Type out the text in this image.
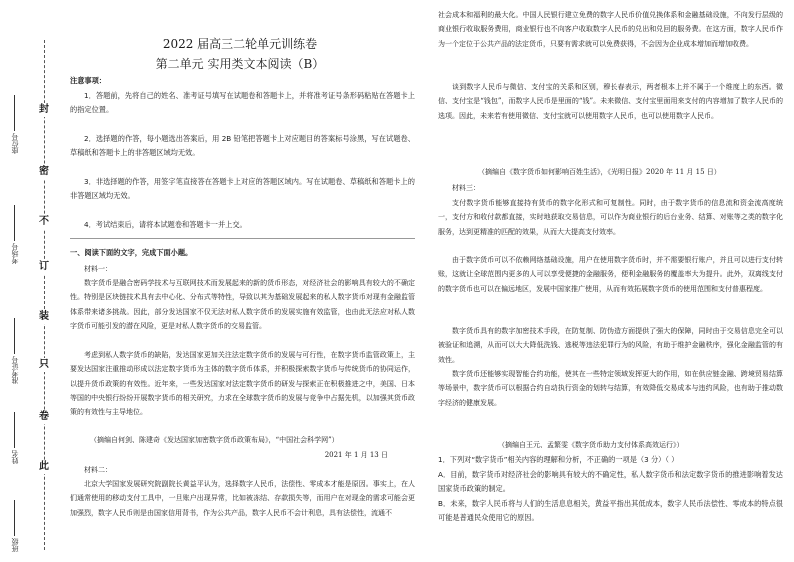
封
密
不
订
装
只
卷
此
座位号
考场号
准考证号
姓名
班级
2022 届高三二轮单元训练卷
第二单元 实用类文本阅读（B）
注意事项：
1．答题前，先将自己的姓名、准考证号填写在试题卷和答题卡上，并将准考证号条形码粘贴在答题卡上的指定位置。
2．选择题的作答，每小题选出答案后，用 2B 铅笔把答题卡上对应题目的答案标号涂黑，写在试题卷、草稿纸和答题卡上的非答题区域均无效。
3．非选择题的作答，用签字笔直接答在答题卡上对应的答题区域内。写在试题卷、草稿纸和答题卡上的非答题区域均无效。
4．考试结束后，请将本试题卷和答题卡一并上交。
一、阅读下面的文字，完成下面小题。
材料一：
数字货币是融合密码学技术与互联网技术而发展起来的新的货币形态，对经济社会的影响具有较大的不确定性。特别是区块链技术具有去中心化、分布式等特性，导致以其为基础发展起来的私人数字货币对现有金融监管体系带来诸多挑战。因此，部分发达国家不仅无法对私人数字货币的发展实施有效监管，也由此无法应对私人数字货币可能引发的潜在风险，更是对私人数字货币的交易监管。
考虑到私人数字货币的缺陷，发达国家更加关注法定数字货币的发展与可行性，在数字货币监管政策上，主要发达国家注重推动形成以法定数字货币为主体的数字货币体系，并积极探索数字货币与传统货币的协同运作，以提升货币政策的有效性。近年来，一些发达国家对法定数字货币的研发与探索正在积极推进之中，美国、日本等国的中央银行纷纷开展数字货币的相关研究，力求在全球数字货币的发展与竞争中占据先机，以加强其货币政策的有效性与主导地位。
（摘编自何剑、陈建奇《发达国家加密数字货币政策布局》，“中国社会科学网”）
2021 年 1 月 13 日
材料二：
北京大学国家发展研究院副院长黄益平认为，选择数字人民币，法偿性、零成本才能是原因。事实上，在人们通常使用的移动支付工具中，一旦账户出现异常，比如被冻结、存款损失等，而用户在对现金的需求可能会更加强烈，数字人民币则是由国家信用背书，作为公共产品，数字人民币不会计利息，具有法偿性，流通不
社会成本和福利的最大化。中国人民银行建立免费的数字人民币价值兑换体系和金融基础设施，不向发行层级的商业银行收取服务费用，商业银行也不向客户收取数字人民币的兑出和兑回的服务费。在这方面，数字人民币作为一个定位于公共产品的法定货币，只要有需求就可以免费获得，不会因为企业成本增加而增加收费。
谈到数字人民币与微信、支付宝的关系和区别，穆长春表示，两者根本上并不属于一个维度上的东西。微信、支付宝是“钱包”，而数字人民币是里面的“钱”。未来微信、支付宝里面用来支付的内容增加了数字人民币的选项。因此，未来若有使用微信、支付宝就可以使用数字人民币，也可以使用数字人民币。
（摘编自《数字货币如何影响百姓生活》，《光明日报》2020 年 11 月 15 日）
材料三：
支付数字货币能够直接持有货币的数字化形式和可复制性。同时，由于数字货币的信息流和资金流高度统一，支付方和收付款都直接，实时地获取交易信息，可以作为商业银行的后台业务、结算、对账等之类的数字化服务，达到更精准的匹配的效果，从而大大提高支付效率。
由于数字货币可以不依赖网络基础设施，用户在使用数字货币时，并不需要银行账户，并且可以进行支付转账，这就让全球范围内更多的人可以享受便捷的金融服务，便利金融服务的覆盖率大为提升。此外，双离线支付的数字货币也可以在偏远地区，发展中国家推广使用，从而有效拓展数字货币的使用范围和支付普惠程度。
数字货币具有的数字加密技术手段，在防复制、防伪造方面提供了强大的保障，同时由于交易信息完全可以被验证和追溯，从而可以大大降低洗钱、逃税等违法犯罪行为的风险，有助于维护金融秩序，强化金融监管的有效性。
数字货币还能够实现智能合约功能，使其在一些特定领域发挥更大的作用，如在供应链金融、跨境贸易结算等场景中，数字货币可以根据合约自动执行资金的划转与结算，有效降低交易成本与违约风险，也有助于推动数字经济的健康发展。
（摘编自王元、孟繁雯《数字货币助力支付体系高效运行》）
1．下列对“数字货币”相关内容的理解和分析，不正确的一项是（3 分）（ ）
A．目前，数字货币对经济社会的影响具有较大的不确定性，私人数字货币和法定数字货币的推进影响着发达国家货币政策的制定。
B．未来，数字人民币将与人们的生活息息相关，黄益平指出其低成本，数字人民币法偿性、零成本的特点很可能是普通民众使用它的原因。
